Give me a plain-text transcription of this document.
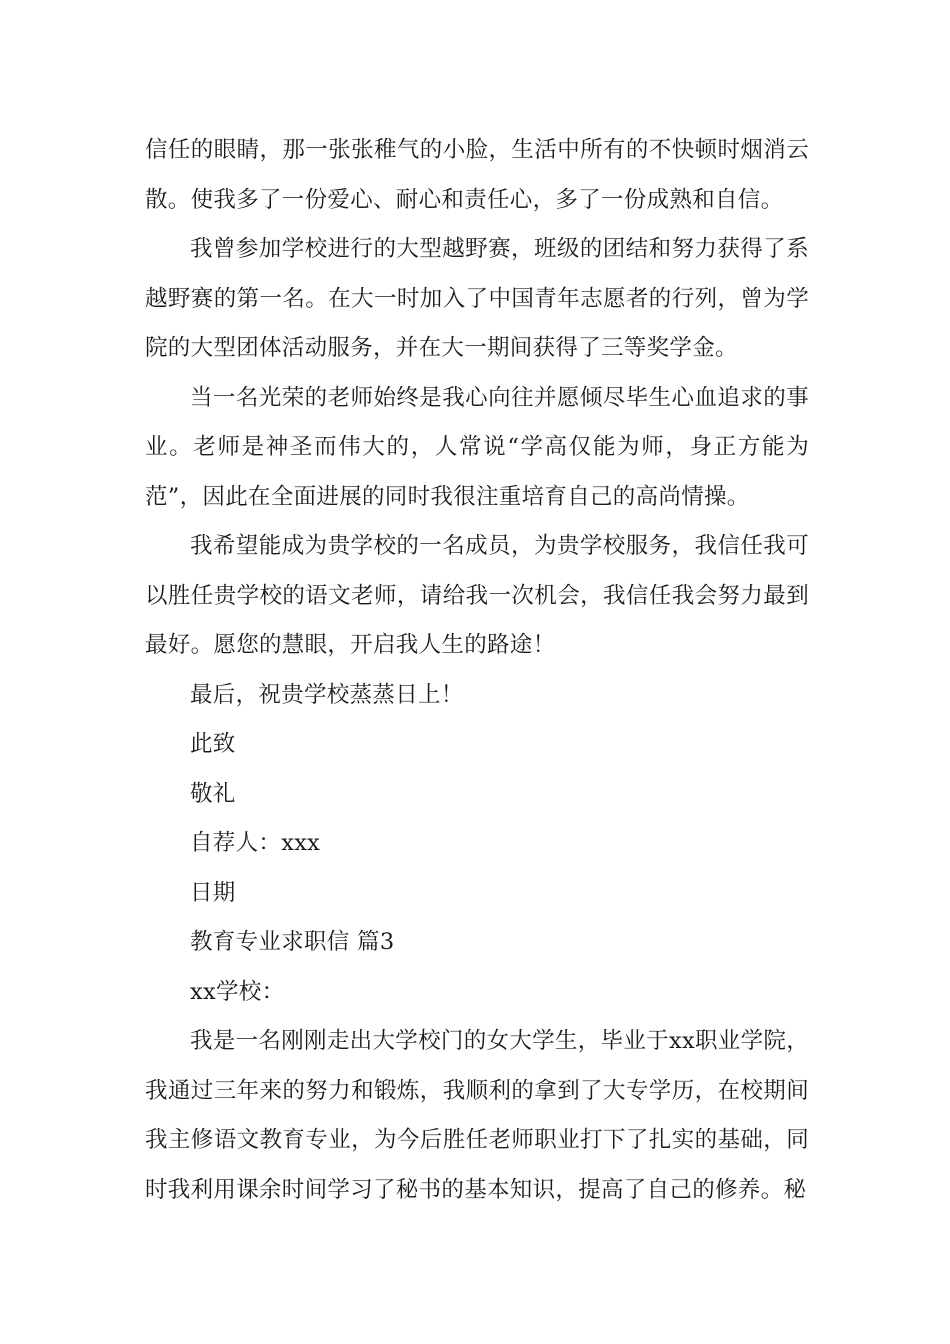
信任的眼睛，那一张张稚气的小脸，生活中所有的不快顿时烟消云散。使我多了一份爱心、耐心和责任心，多了一份成熟和自信。

我曾参加学校进行的大型越野赛，班级的团结和努力获得了系越野赛的第一名。在大一时加入了中国青年志愿者的行列，曾为学院的大型团体活动服务，并在大一期间获得了三等奖学金。

当一名光荣的老师始终是我心向往并愿倾尽毕生心血追求的事业。老师是神圣而伟大的，人常说“学高仅能为师，身正方能为范”，因此在全面进展的同时我很注重培育自己的高尚情操。

我希望能成为贵学校的一名成员，为贵学校服务，我信任我可以胜任贵学校的语文老师，请给我一次机会，我信任我会努力最到最好。愿您的慧眼，开启我人生的路途！

最后，祝贵学校蒸蒸日上！

此致

敬礼

自荐人：xxx

日期

教育专业求职信 篇3

xx学校：

我是一名刚刚走出大学校门的女大学生，毕业于xx职业学院，我通过三年来的努力和锻炼，我顺利的拿到了大专学历，在校期间我主修语文教育专业，为今后胜任老师职业打下了扎实的基础，同时我利用课余时间学习了秘书的基本知识，提高了自己的修养。秘
